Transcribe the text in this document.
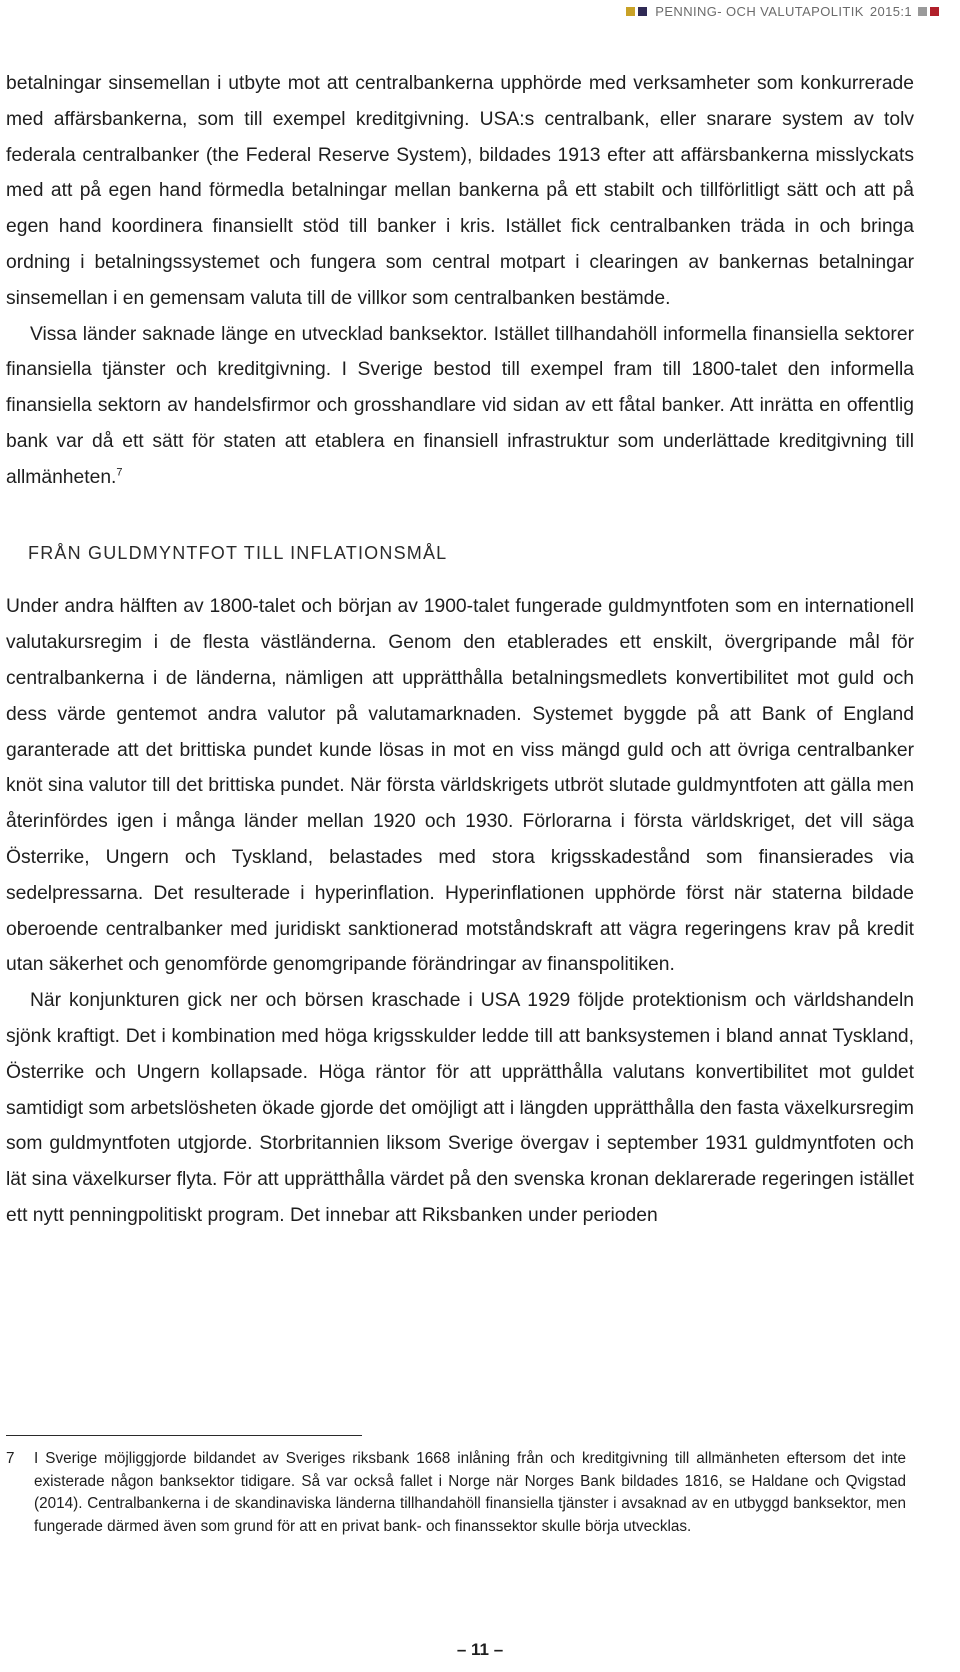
PENNING- OCH VALUTAPOLITIK 2015:1

betalningar sinsemellan i utbyte mot att centralbankerna upphörde med verksamheter som konkurrerade med affärsbankerna, som till exempel kreditgivning. USA:s centralbank, eller snarare system av tolv federala centralbanker (the Federal Reserve System), bildades 1913 efter att affärsbankerna misslyckats med att på egen hand förmedla betalningar mellan bankerna på ett stabilt och tillförlitligt sätt och att på egen hand koordinera finansiellt stöd till banker i kris. Istället fick centralbanken träda in och bringa ordning i betalningssystemet och fungera som central motpart i clearingen av bankernas betalningar sinsemellan i en gemensam valuta till de villkor som centralbanken bestämde.

Vissa länder saknade länge en utvecklad banksektor. Istället tillhandahöll informella finansiella sektorer finansiella tjänster och kreditgivning. I Sverige bestod till exempel fram till 1800-talet den informella finansiella sektorn av handelsfirmor och grosshandlare vid sidan av ett fåtal banker. Att inrätta en offentlig bank var då ett sätt för staten att etablera en finansiell infrastruktur som underlättade kreditgivning till allmänheten.$^7$

FRÅN GULDMYNTFOT TILL INFLATIONSMÅL

Under andra hälften av 1800-talet och början av 1900-talet fungerade guldmyntfoten som en internationell valutakursregim i de flesta västländerna. Genom den etablerades ett enskilt, övergripande mål för centralbankerna i de länderna, nämligen att upprätthålla betalningsmedlets konvertibilitet mot guld och dess värde gentemot andra valutor på valutamarknaden. Systemet byggde på att Bank of England garanterade att det brittiska pundet kunde lösas in mot en viss mängd guld och att övriga centralbanker knöt sina valutor till det brittiska pundet. När första världskrigets utbröt slutade guldmyntfoten att gälla men återinfördes igen i många länder mellan 1920 och 1930. Förlorarna i första världskriget, det vill säga Österrike, Ungern och Tyskland, belastades med stora krigsskadestånd som finansierades via sedelpressarna. Det resulterade i hyperinflation. Hyperinflationen upphörde först när staterna bildade oberoende centralbanker med juridiskt sanktionerad motståndskraft att vägra regeringens krav på kredit utan säkerhet och genomförde genomgripande förändringar av finanspolitiken.

När konjunkturen gick ner och börsen kraschade i USA 1929 följde protektionism och världshandeln sjönk kraftigt. Det i kombination med höga krigsskulder ledde till att banksystemen i bland annat Tyskland, Österrike och Ungern kollapsade. Höga räntor för att upprätthålla valutans konvertibilitet mot guldet samtidigt som arbetslösheten ökade gjorde det omöjligt att i längden upprätthålla den fasta växelkursregim som guldmyntfoten utgjorde. Storbritannien liksom Sverige övergav i september 1931 guldmyntfoten och lät sina växelkurser flyta. För att upprätthålla värdet på den svenska kronan deklarerade regeringen istället ett nytt penningpolitiskt program. Det innebar att Riksbanken under perioden

7	I Sverige möjliggjorde bildandet av Sveriges riksbank 1668 inlåning från och kreditgivning till allmänheten eftersom det inte existerade någon banksektor tidigare. Så var också fallet i Norge när Norges Bank bildades 1816, se Haldane och Qvigstad (2014). Centralbankerna i de skandinaviska länderna tillhandahöll finansiella tjänster i avsaknad av en utbyggd banksektor, men fungerade därmed även som grund för att en privat bank- och finanssektor skulle börja utvecklas.
– 11 –
